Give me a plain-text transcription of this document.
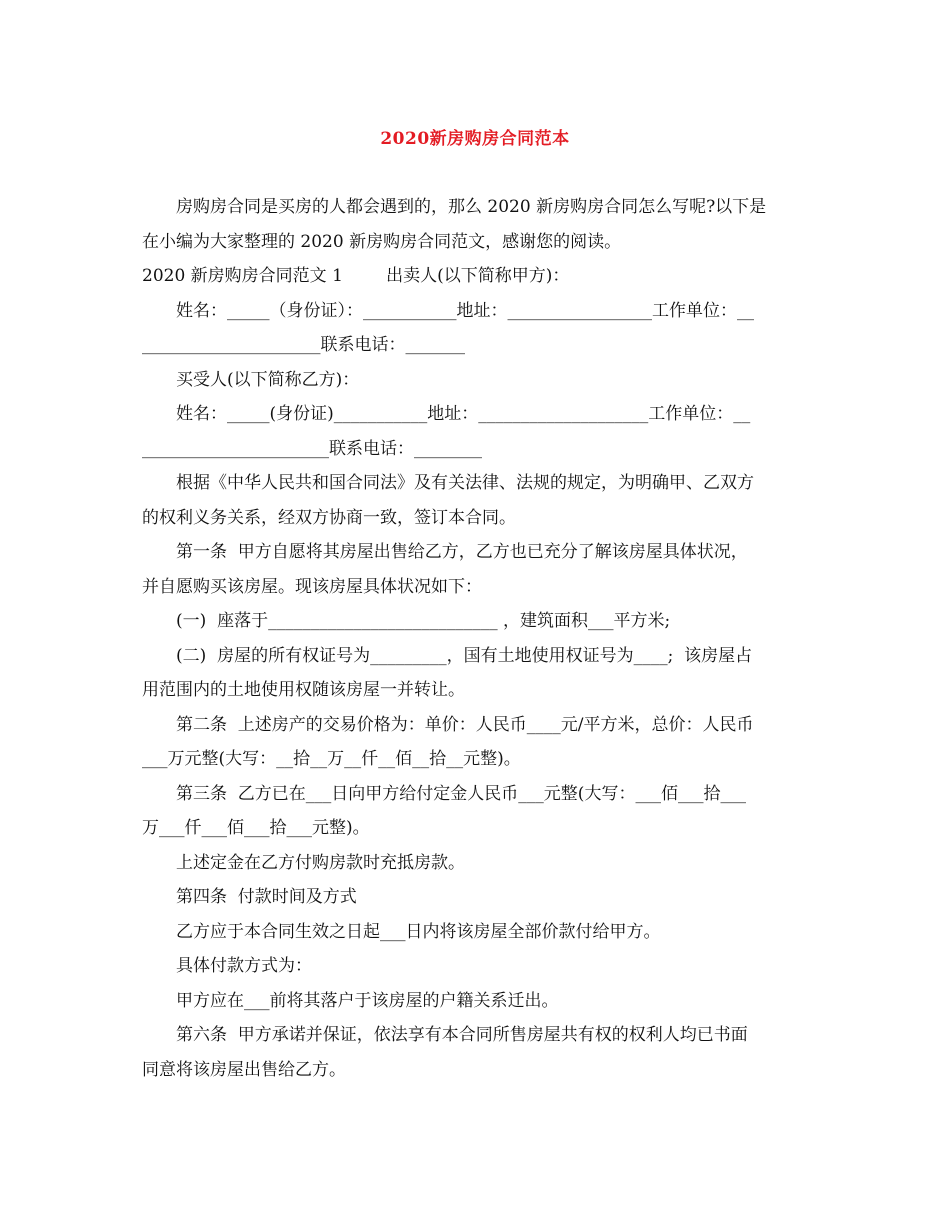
2020新房购房合同范本
房购房合同是买房的人都会遇到的，那么 2020 新房购房合同怎么写呢?以下是
在小编为大家整理的 2020 新房购房合同范文，感谢您的阅读。
2020 新房购房合同范文 1        出卖人(以下简称甲方)：
姓名：_____（身份证）：___________地址：_________________工作单位：__
_____________________联系电话：_______
买受人(以下简称乙方)：
姓名：_____(身份证)___________地址：____________________工作单位：__
______________________联系电话：________
根据《中华人民共和国合同法》及有关法律、法规的规定，为明确甲、乙双方
的权利义务关系，经双方协商一致，签订本合同。
第一条  甲方自愿将其房屋出售给乙方，乙方也已充分了解该房屋具体状况，
并自愿购买该房屋。现该房屋具体状况如下：
(一)  座落于___________________________ ，建筑面积___平方米;
(二)  房屋的所有权证号为_________，国有土地使用权证号为____;  该房屋占
用范围内的土地使用权随该房屋一并转让。
第二条  上述房产的交易价格为：单价：人民币____元/平方米，总价：人民币
___万元整(大写：__拾__万__仟__佰__拾__元整)。
第三条  乙方已在___日向甲方给付定金人民币___元整(大写：___佰___拾___
万___仟___佰___拾___元整)。
上述定金在乙方付购房款时充抵房款。
第四条  付款时间及方式
乙方应于本合同生效之日起___日内将该房屋全部价款付给甲方。
具体付款方式为：
甲方应在___前将其落户于该房屋的户籍关系迁出。
第六条  甲方承诺并保证，依法享有本合同所售房屋共有权的权利人均已书面
同意将该房屋出售给乙方。
